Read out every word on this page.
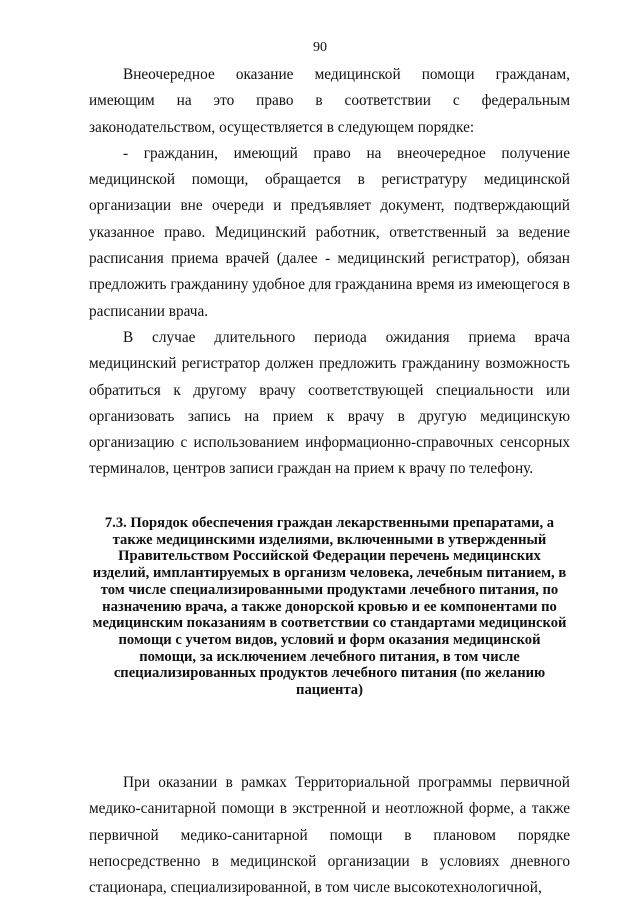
90

Внеочередное оказание медицинской помощи гражданам, имеющим на это право в соответствии с федеральным законодательством, осуществляется в следующем порядке:

- гражданин, имеющий право на внеочередное получение медицинской помощи, обращается в регистратуру медицинской организации вне очереди и предъявляет документ, подтверждающий указанное право. Медицинский работник, ответственный за ведение расписания приема врачей (далее - медицинский регистратор), обязан предложить гражданину удобное для гражданина время из имеющегося в расписании врача.

В случае длительного периода ожидания приема врача медицинский регистратор должен предложить гражданину возможность обратиться к другому врачу соответствующей специальности или организовать запись на прием к врачу в другую медицинскую организацию с использованием информационно-справочных сенсорных терминалов, центров записи граждан на прием к врачу по телефону.

7.3. Порядок обеспечения граждан лекарственными препаратами, а также медицинскими изделиями, включенными в утвержденный Правительством Российской Федерации перечень медицинских изделий, имплантируемых в организм человека, лечебным питанием, в том числе специализированными продуктами лечебного питания, по назначению врача, а также донорской кровью и ее компонентами по медицинским показаниям в соответствии со стандартами медицинской помощи с учетом видов, условий и форм оказания медицинской помощи, за исключением лечебного питания, в том числе специализированных продуктов лечебного питания (по желанию пациента)

При оказании в рамках Территориальной программы первичной медико-санитарной помощи в экстренной и неотложной форме, а также первичной медико-санитарной помощи в плановом порядке непосредственно в медицинской организации в условиях дневного стационара, специализированной, в том числе высокотехнологичной,
